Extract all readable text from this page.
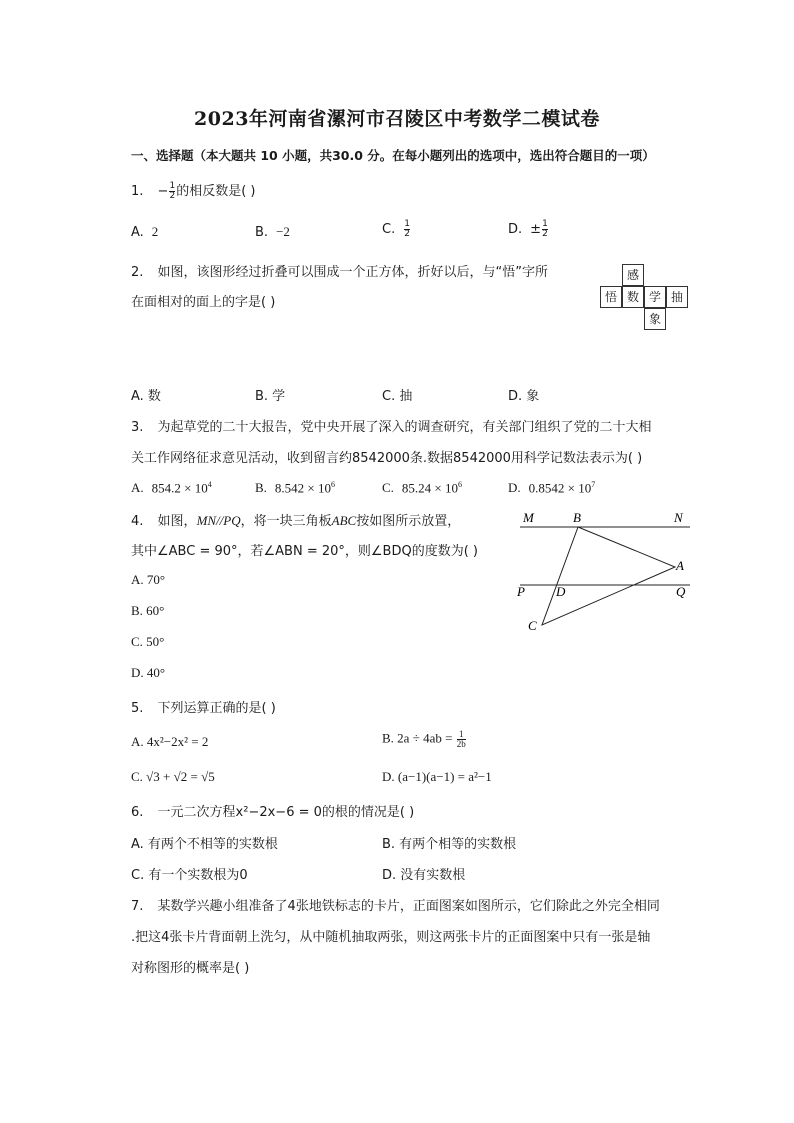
2023年河南省漯河市召陵区中考数学二模试卷
一、选择题（本大题共 10 小题，共30.0 分。在每小题列出的选项中，选出符合题目的一项）
1. − $\frac{1}{2}$ 的相反数是( )
A. 2	B. −2	C. $\frac{1}{2}$	D. ± $\frac{1}{2}$
2. 如图，该图形经过折叠可以围成一个正方体，折好以后，与“悟”字所
在面相对的面上的字是( )
感
悟 数 学 抽
象
A. 数	B. 学	C. 抽	D. 象
3. 为起草党的二十大报告，党中央开展了深入的调查研究，有关部门组织了党的二十大相
关工作网络征求意见活动，收到留言约8542000条.数据8542000用科学记数法表示为( )
A. $854.2 \times 10^4$	B. $8.542 \times 10^6$	C. $85.24 \times 10^6$	D. $0.8542 \times 10^7$
4. 如图，MN//PQ，将一块三角板ABC按如图所示放置，
其中∠ABC = 90°，若∠ABN = 20°，则∠BDQ的度数为( )
A. 70°
B. 60°
C. 50°
D. 40°
M	B	N
A
P D	Q
C
5. 下列运算正确的是( )
A. 4x²−2x² = 2	B. $2a \div 4ab = \frac{1}{2b}$
C. √3 + √2 = √5	D. (a−1)(a−1) = a²−1
6. 一元二次方程x²−2x−6 = 0的根的情况是( )
A. 有两个不相等的实数根	B. 有两个相等的实数根
C. 有一个实数根为0	D. 没有实数根
7. 某数学兴趣小组准备了4张地铁标志的卡片，正面图案如图所示，它们除此之外完全相同
.把这4张卡片背面朝上洗匀，从中随机抽取两张，则这两张卡片的正面图案中只有一张是轴
对称图形的概率是( )
